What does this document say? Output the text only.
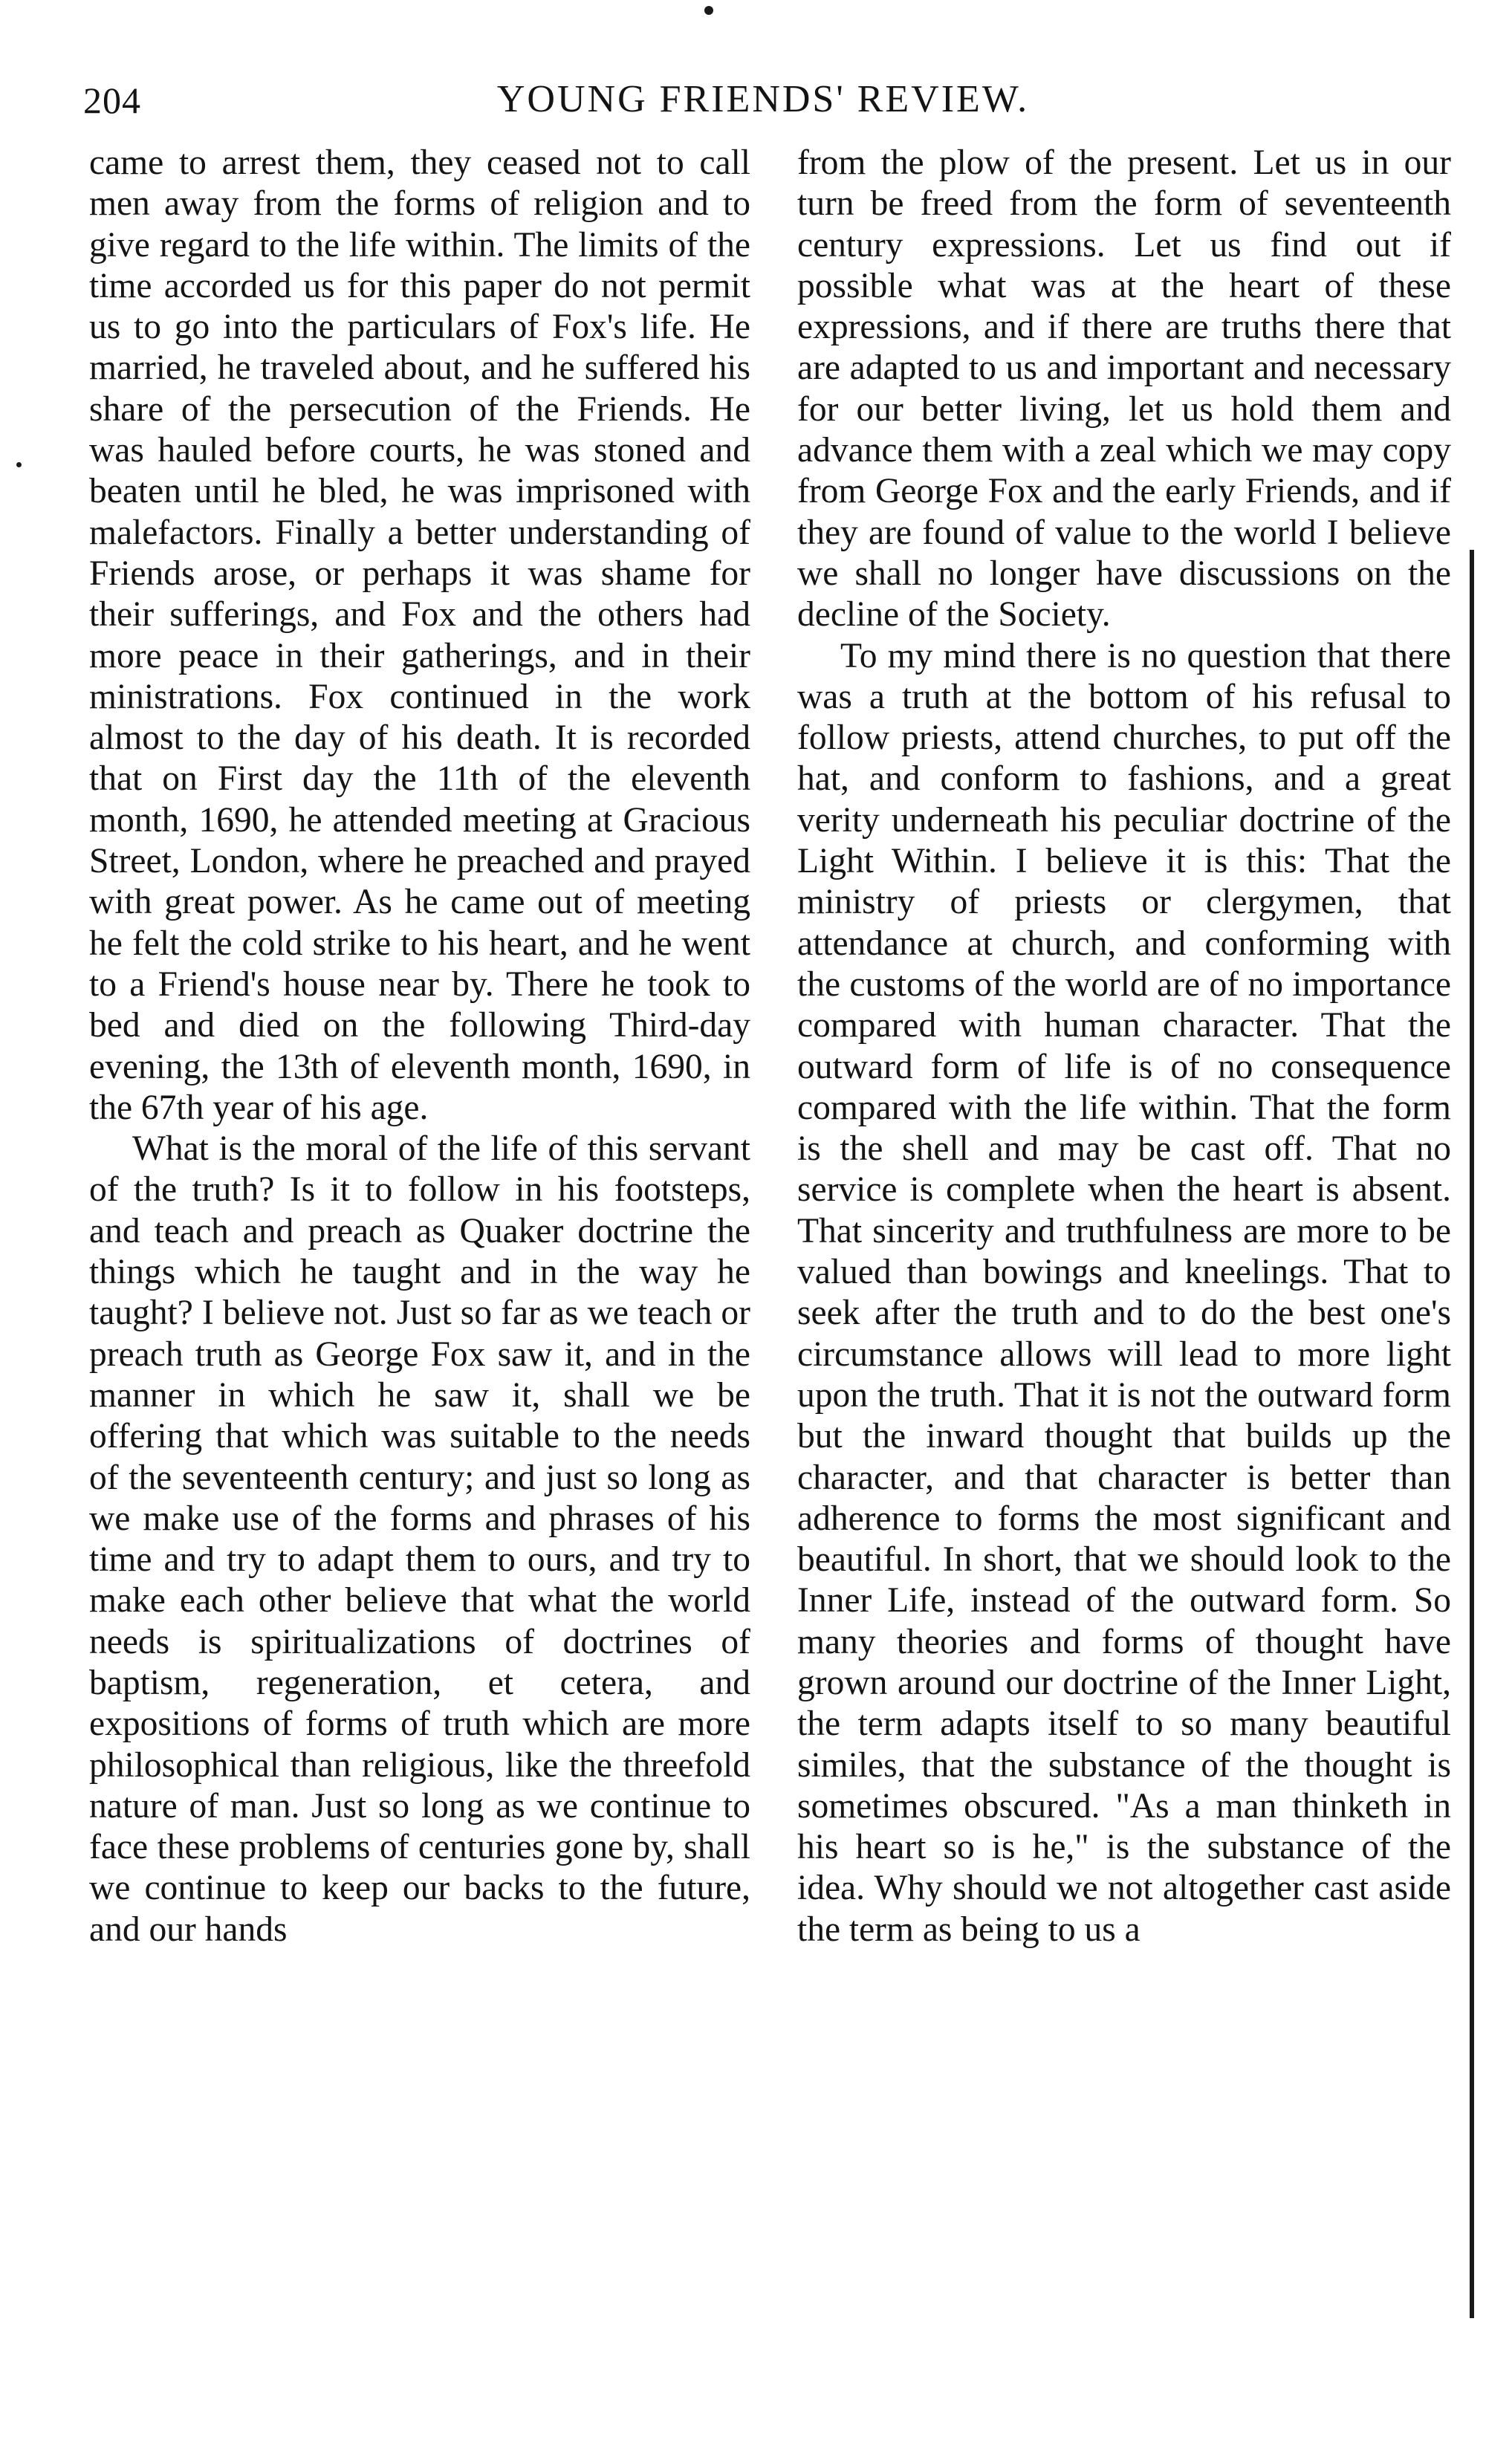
204	YOUNG FRIENDS' REVIEW.

came to arrest them, they ceased not to call men away from the forms of religion and to give regard to the life within. The limits of the time accorded us for this paper do not permit us to go into the particulars of Fox's life. He married, he traveled about, and he suffered his share of the persecution of the Friends. He was hauled before courts, he was stoned and beaten until he bled, he was imprisoned with malefactors. Finally a better understanding of Friends arose, or perhaps it was shame for their sufferings, and Fox and the others had more peace in their gatherings, and in their ministrations. Fox continued in the work almost to the day of his death. It is recorded that on First day the 11th of the eleventh month, 1690, he attended meeting at Gracious Street, London, where he preached and prayed with great power. As he came out of meeting he felt the cold strike to his heart, and he went to a Friend's house near by. There he took to bed and died on the following Third-day evening, the 13th of eleventh month, 1690, in the 67th year of his age.

What is the moral of the life of this servant of the truth? Is it to follow in his footsteps, and teach and preach as Quaker doctrine the things which he taught and in the way he taught? I believe not. Just so far as we teach or preach truth as George Fox saw it, and in the manner in which he saw it, shall we be offering that which was suitable to the needs of the seventeenth century; and just so long as we make use of the forms and phrases of his time and try to adapt them to ours, and try to make each other believe that what the world needs is spiritualizations of doctrines of baptism, regeneration, et cetera, and expositions of forms of truth which are more philosophical than religious, like the threefold nature of man. Just so long as we continue to face these problems of centuries gone by, shall we continue to keep our backs to the future, and our hands

from the plow of the present. Let us in our turn be freed from the form of seventeenth century expressions. Let us find out if possible what was at the heart of these expressions, and if there are truths there that are adapted to us and important and necessary for our better living, let us hold them and advance them with a zeal which we may copy from George Fox and the early Friends, and if they are found of value to the world I believe we shall no longer have discussions on the decline of the Society.

To my mind there is no question that there was a truth at the bottom of his refusal to follow priests, attend churches, to put off the hat, and conform to fashions, and a great verity underneath his peculiar doctrine of the Light Within. I believe it is this: That the ministry of priests or clergymen, that attendance at church, and conforming with the customs of the world are of no importance compared with human character. That the outward form of life is of no consequence compared with the life within. That the form is the shell and may be cast off. That no service is complete when the heart is absent. That sincerity and truthfulness are more to be valued than bowings and kneelings. That to seek after the truth and to do the best one's circumstance allows will lead to more light upon the truth. That it is not the outward form but the inward thought that builds up the character, and that character is better than adherence to forms the most significant and beautiful. In short, that we should look to the Inner Life, instead of the outward form. So many theories and forms of thought have grown around our doctrine of the Inner Light, the term adapts itself to so many beautiful similes, that the substance of the thought is sometimes obscured. "As a man thinketh in his heart so is he," is the substance of the idea. Why should we not altogether cast aside the term as being to us a
